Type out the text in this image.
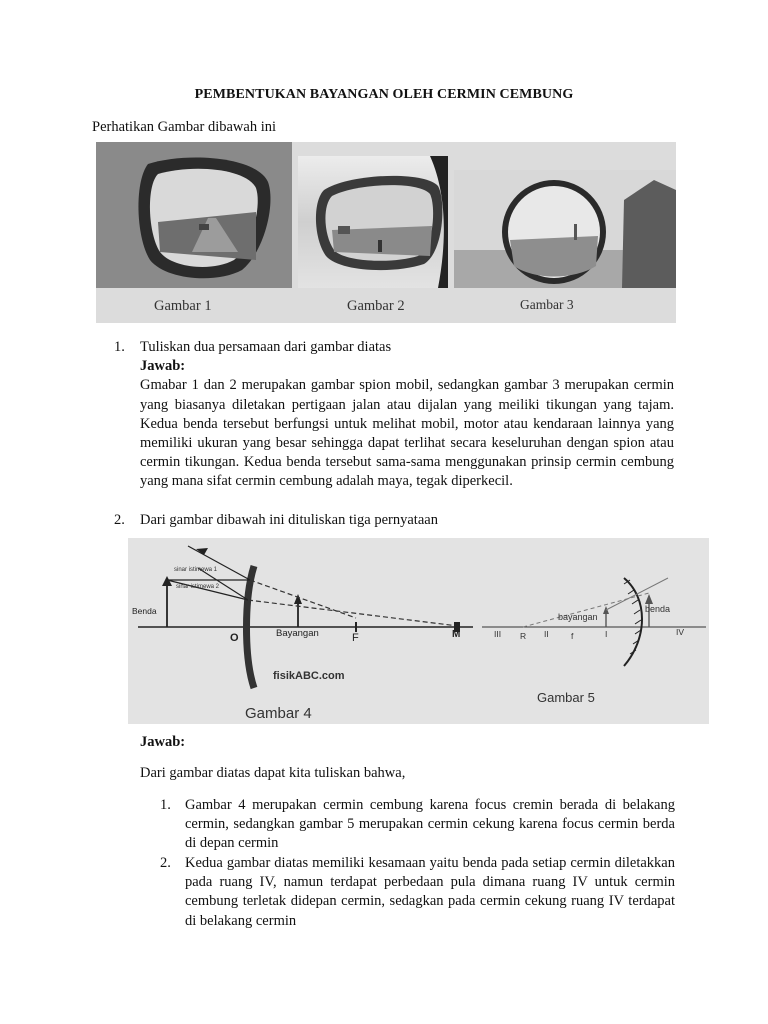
PEMBENTUKAN BAYANGAN OLEH CERMIN CEMBUNG
Perhatikan Gambar dibawah ini
Gambar 1	Gambar 2	Gambar 3
1. Tuliskan dua persamaan dari gambar diatas
Jawab:
Gmabar 1 dan 2 merupakan gambar spion mobil, sedangkan gambar 3 merupakan cermin yang biasanya diletakan pertigaan jalan atau dijalan yang meiliki tikungan yang tajam. Kedua benda tersebut berfungsi untuk melihat mobil, motor atau kendaraan lainnya yang memiliki ukuran yang besar sehingga dapat terlihat secara keseluruhan dengan spion atau cermin tikungan. Kedua benda tersebut sama-sama menggunakan prinsip cermin cembung yang mana sifat cermin cembung adalah maya, tegak diperkecil.
2. Dari gambar dibawah ini dituliskan tiga pernyataan
sinar istimewa 1
sinar istimewa 2
Benda
Bayangan
O	F	M
fisikABC.com
Gambar 4
benda
bayangan
III R II	f	I	IV
Gambar 5
Jawab:
Dari gambar diatas dapat kita tuliskan bahwa,
1. Gambar 4 merupakan cermin cembung karena focus cremin berada di belakang cermin, sedangkan gambar 5 merupakan cermin cekung karena focus cermin berda di depan cermin
2. Kedua gambar diatas memiliki kesamaan yaitu benda pada setiap cermin diletakkan pada ruang IV, namun terdapat perbedaan pula dimana ruang IV untuk cermin cembung terletak didepan cermin, sedagkan pada cermin cekung ruang IV terdapat di belakang cermin
